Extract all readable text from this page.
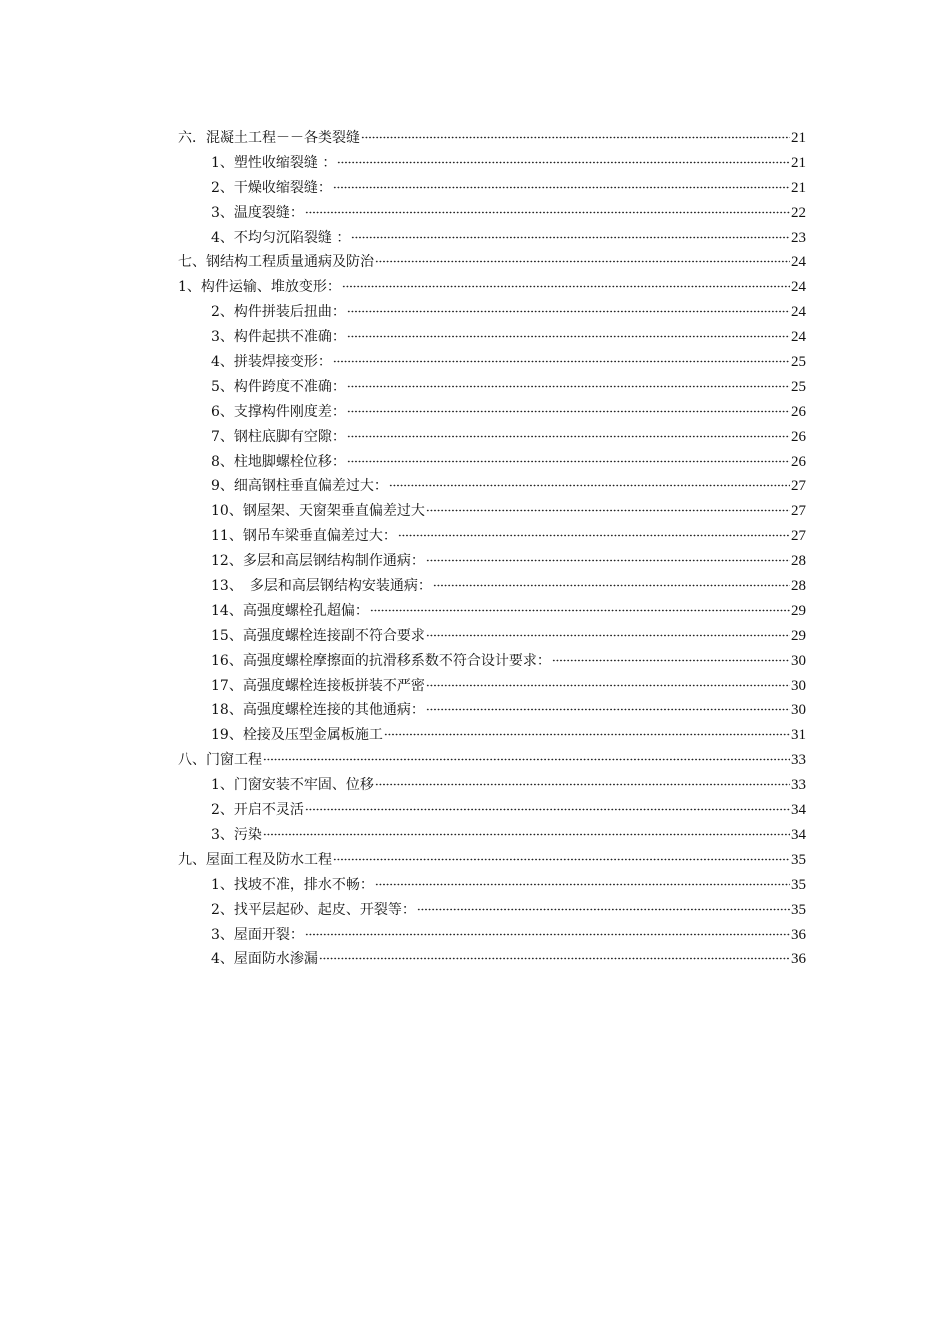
六．混凝土工程－－各类裂缝	21
1、塑性收缩裂缝 ：	21
2、干燥收缩裂缝：	21
3、温度裂缝：	22
4、不均匀沉陷裂缝 ：	23
七、钢结构工程质量通病及防治	24
1、构件运输、堆放变形：	24
2、构件拼装后扭曲：	24
3、构件起拱不准确：	24
4、拼装焊接变形：	25
5、构件跨度不准确：	25
6、支撑构件刚度差：	26
7、钢柱底脚有空隙：	26
8、柱地脚螺栓位移：	26
9、细高钢柱垂直偏差过大：	27
10、钢屋架、天窗架垂直偏差过大	27
11、钢吊车梁垂直偏差过大：	27
12、多层和高层钢结构制作通病：	28
13、　多层和高层钢结构安装通病：	28
14、高强度螺栓孔超偏：	29
15、高强度螺栓连接副不符合要求	29
16、高强度螺栓摩擦面的抗滑移系数不符合设计要求：	30
17、高强度螺栓连接板拼装不严密	30
18、高强度螺栓连接的其他通病：	30
19、栓接及压型金属板施工	31
八、门窗工程	33
1、门窗安装不牢固、位移	33
2、开启不灵活	34
3、污染	34
九、屋面工程及防水工程	35
1、找坡不准，排水不畅：	35
2、找平层起砂、起皮、开裂等：	35
3、屋面开裂：	36
4、屋面防水渗漏	36
